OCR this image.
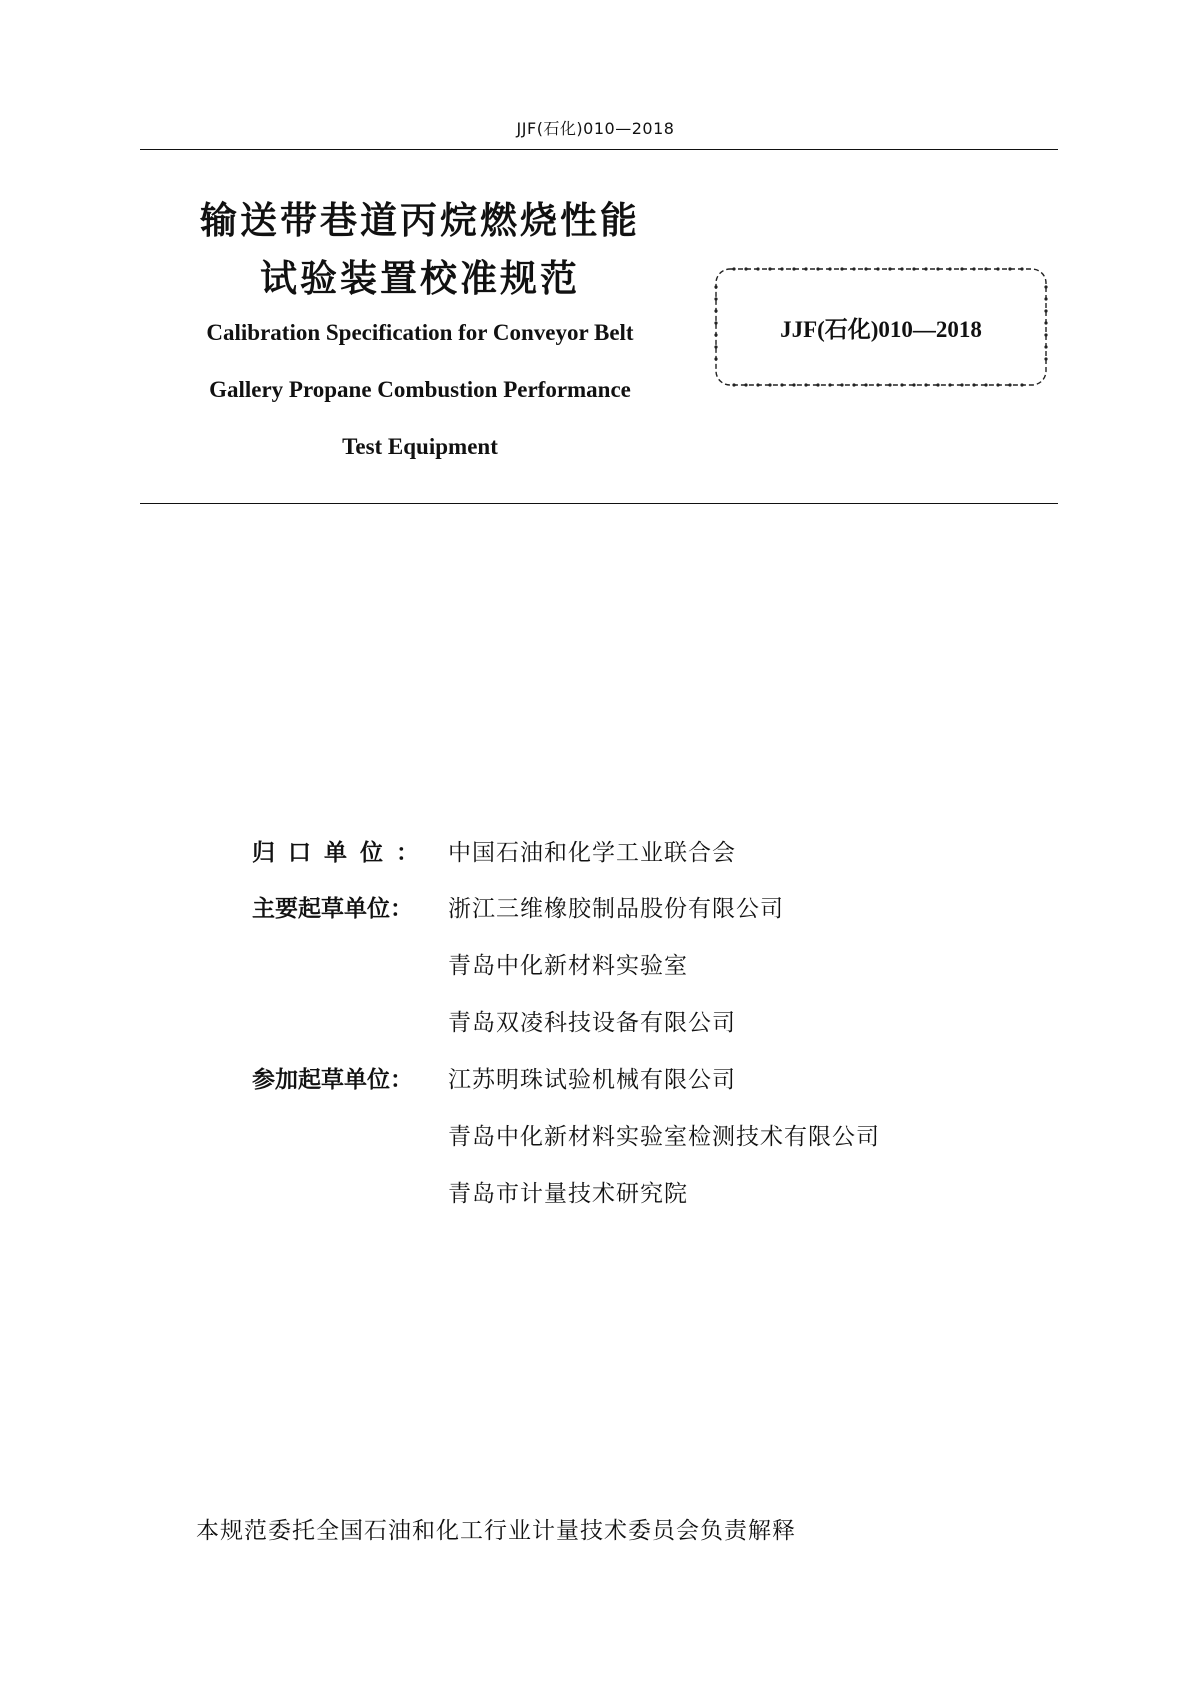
JJF(石化)010—2018
输送带巷道丙烷燃烧性能
试验装置校准规范
Calibration Specification for Conveyor Belt
Gallery Propane Combustion Performance
Test Equipment
JJF(石化)010—2018
归口单位： 中国石油和化学工业联合会
主要起草单位：	浙江三维橡胶制品股份有限公司
青岛中化新材料实验室
青岛双凌科技设备有限公司
参加起草单位：	江苏明珠试验机械有限公司
青岛中化新材料实验室检测技术有限公司
青岛市计量技术研究院
本规范委托全国石油和化工行业计量技术委员会负责解释
